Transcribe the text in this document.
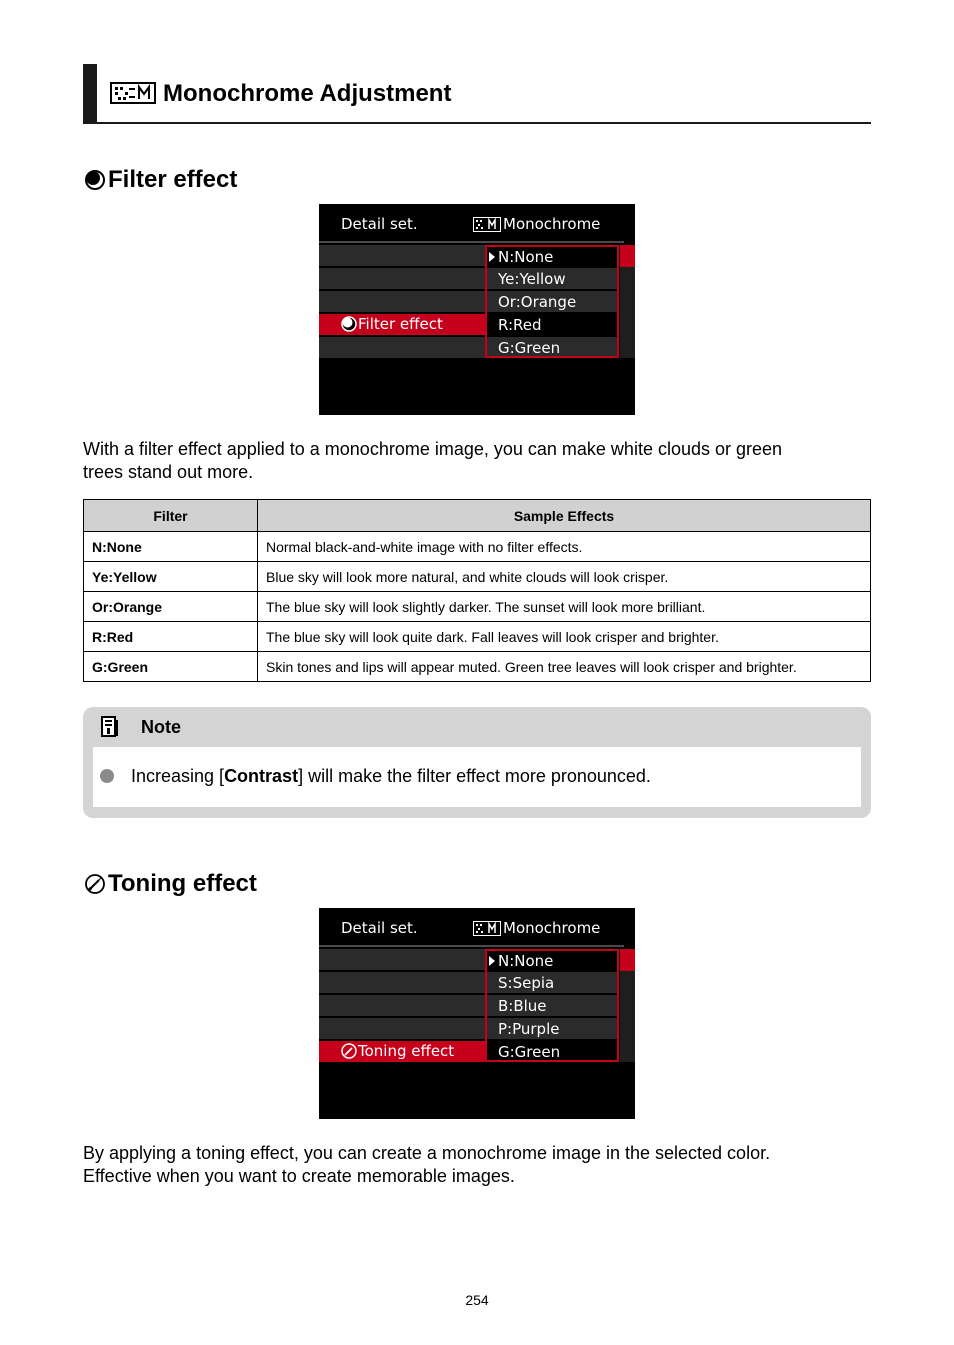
Monochrome Adjustment
Filter effect
Detail set.	Monochrome
Filter effect
N:None
Ye:Yellow
Or:Orange
R:Red
G:Green
With a filter effect applied to a monochrome image, you can make white clouds or green
trees stand out more.
Filter	Sample Effects
N:None	Normal black-and-white image with no filter effects.
Ye:Yellow	Blue sky will look more natural, and white clouds will look crisper.
Or:Orange	The blue sky will look slightly darker. The sunset will look more brilliant.
R:Red	The blue sky will look quite dark. Fall leaves will look crisper and brighter.
G:Green	Skin tones and lips will appear muted. Green tree leaves will look crisper and brighter.
Note
Increasing [Contrast] will make the filter effect more pronounced.
Toning effect
Detail set.	Monochrome
Toning effect
N:None
S:Sepia
B:Blue
P:Purple
G:Green
By applying a toning effect, you can create a monochrome image in the selected color.
Effective when you want to create memorable images.
254
